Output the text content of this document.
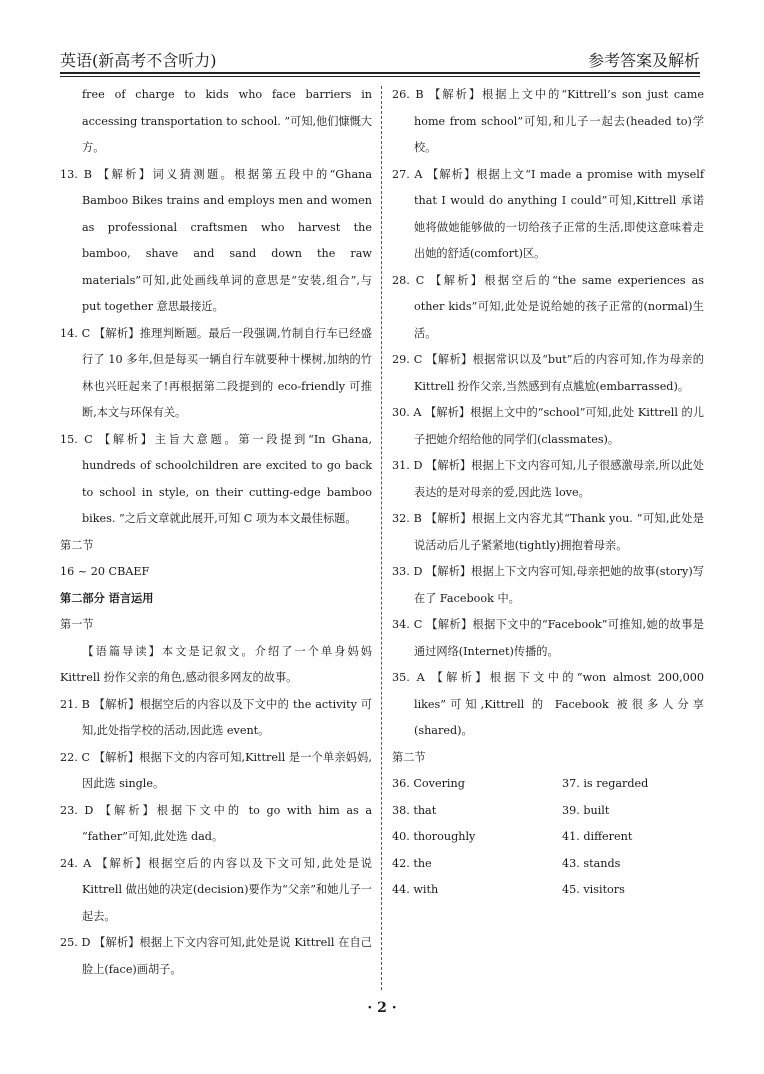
英语(新高考不含听力)	参考答案及解析

free of charge to kids who face barriers in accessing transportation to school. ”可知,他们慷慨大方。

13. B 【解析】词义猜测题。根据第五段中的“Ghana Bamboo Bikes trains and employs men and women as professional craftsmen who harvest the bamboo, shave and sand down the raw materials”可知,此处画线单词的意思是“安装,组合”,与 put together 意思最接近。

14. C 【解析】推理判断题。最后一段强调,竹制自行车已经盛行了 10 多年,但是每买一辆自行车就要种十棵树,加纳的竹林也兴旺起来了!再根据第二段提到的 eco-friendly 可推断,本文与环保有关。

15. C 【解析】主旨大意题。第一段提到“In Ghana, hundreds of schoolchildren are excited to go back to school in style, on their cutting-edge bamboo bikes. ”之后文章就此展开,可知 C 项为本文最佳标题。

第二节

16 ~ 20 CBAEF

第二部分 语言运用

第一节

【语篇导读】本文是记叙文。介绍了一个单身妈妈 Kittrell 扮作父亲的角色,感动很多网友的故事。

21. B 【解析】根据空后的内容以及下文中的 the activity 可知,此处指学校的活动,因此选 event。

22. C 【解析】根据下文的内容可知,Kittrell 是一个单亲妈妈,因此选 single。

23. D 【解析】根据下文中的 to go with him as a “father”可知,此处选 dad。

24. A 【解析】根据空后的内容以及下文可知,此处是说 Kittrell 做出她的决定(decision)要作为“父亲”和她儿子一起去。

25. D 【解析】根据上下文内容可知,此处是说 Kittrell 在自己脸上(face)画胡子。

26. B 【解析】根据上文中的“Kittrell’s son just came home from school”可知,和儿子一起去(headed to)学校。

27. A 【解析】根据上文“I made a promise with myself that I would do anything I could”可知,Kittrell 承诺她将做她能够做的一切给孩子正常的生活,即使这意味着走出她的舒适(comfort)区。

28. C 【解析】根据空后的“the same experiences as other kids”可知,此处是说给她的孩子正常的(normal)生活。

29. C 【解析】根据常识以及“but”后的内容可知,作为母亲的 Kittrell 扮作父亲,当然感到有点尴尬(embarrassed)。

30. A 【解析】根据上文中的“school”可知,此处 Kittrell 的儿子把她介绍给他的同学们(classmates)。

31. D 【解析】根据上下文内容可知,儿子很感激母亲,所以此处表达的是对母亲的爱,因此选 love。

32. B 【解析】根据上文内容尤其“Thank you. ”可知,此处是说活动后儿子紧紧地(tightly)拥抱着母亲。

33. D 【解析】根据上下文内容可知,母亲把她的故事(story)写在了 Facebook 中。

34. C 【解析】根据下文中的“Facebook”可推知,她的故事是通过网络(Internet)传播的。

35. A 【解析】根据下文中的“won almost 200,000 likes”可知,Kittrell 的 Facebook 被很多人分享(shared)。

第二节

36. Covering	37. is regarded
38. that	39. built
40. thoroughly	41. different
42. the	43. stands
44. with	45. visitors
· 2 ·
